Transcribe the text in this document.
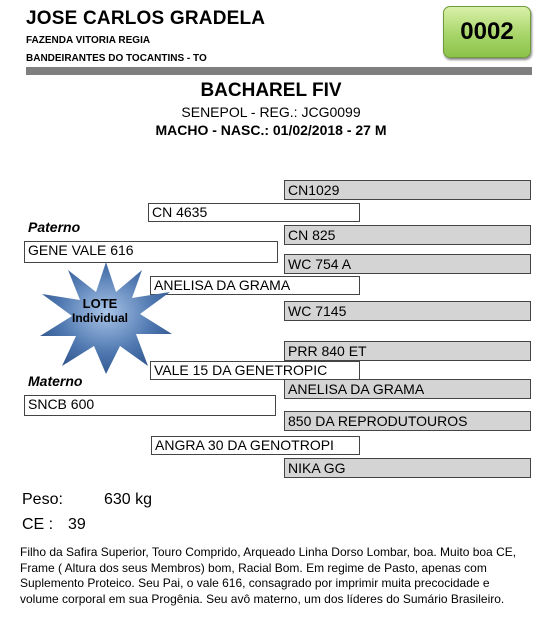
JOSE CARLOS GRADELA
FAZENDA VITORIA REGIA
BANDEIRANTES DO TOCANTINS - TO
0002
BACHAREL FIV
SENEPOL - REG.: JCG0099
MACHO - NASC.: 01/02/2018 - 27 M
CN1029
CN 825
WC 754 A
WC 7145
PRR 840 ET
ANELISA DA GRAMA
850 DA REPRODUTOUROS
NIKA GG
CN 4635
ANELISA DA GRAMA
VALE 15 DA GENETROPIC
ANGRA 30 DA GENOTROPI
Paterno
GENE VALE 616
Materno
SNCB 600
LOTE
Individual
Peso:	630 kg
CE : 39
Filho da Safira Superior, Touro Comprido, Arqueado Linha Dorso Lombar, boa. Muito boa CE, Frame ( Altura dos seus Membros) bom, Racial Bom. Em regime de Pasto, apenas com Suplemento Proteico. Seu Pai, o vale 616, consagrado por imprimir muita precocidade e volume corporal em sua Progênia. Seu avô materno, um dos líderes do Sumário Brasileiro.
